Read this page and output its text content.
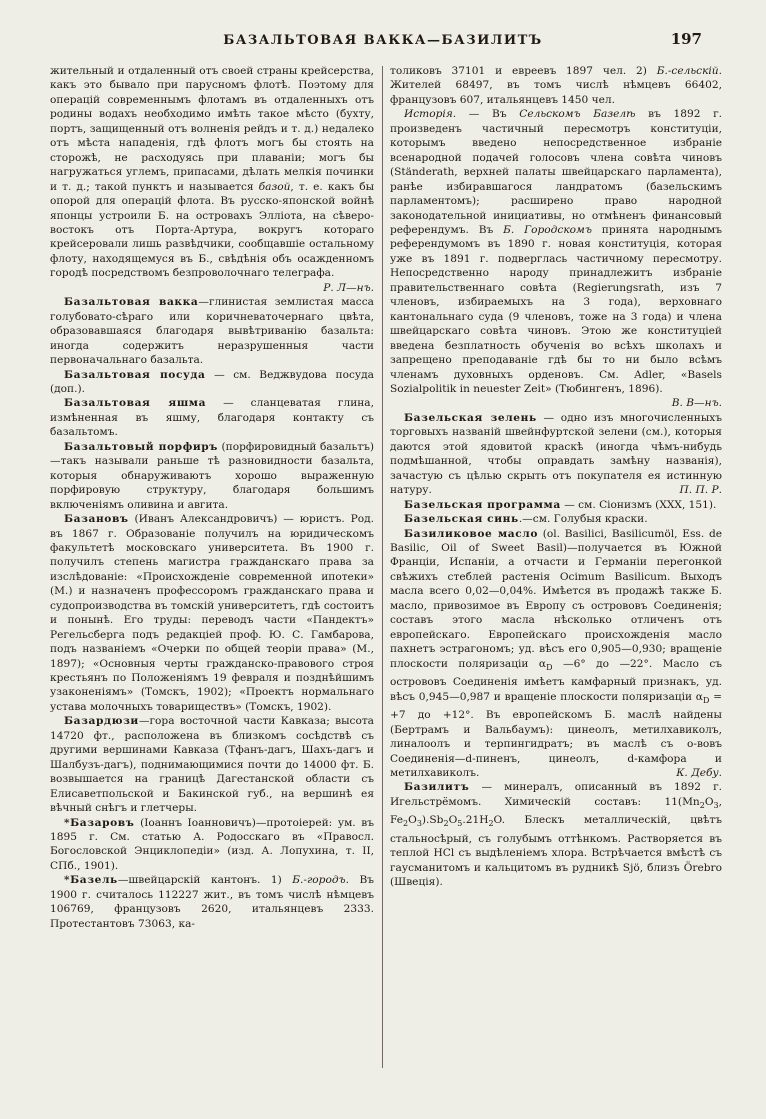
БАЗАЛЬТОВАЯ ВАККА—БАЗИЛИТЪ	197

жительный и отдаленный отъ своей страны крейсерства, какъ это бывало при парусномъ флотѣ. Поэтому для операцій современнымъ флотамъ въ отдаленныхъ отъ родины водахъ необходимо имѣть такое мѣсто (бухту, портъ, защищенный отъ волненія рейдъ и т. д.) недалеко отъ мѣста нападенія, гдѣ флотъ могъ бы стоять на сторожѣ, не расходуясь при плаваніи; могъ бы нагружаться углемъ, припасами, дѣлать мелкія починки и т. д.; такой пунктъ и называется базой, т. е. какъ бы опорой для операцій флота. Въ русско-японской войнѣ японцы устроили Б. на островахъ Эллiота, на сѣверо-востокъ отъ Порта-Артура, вокругъ котораго крейсеровали лишь развѣдчики, сообщавшіе остальному флоту, находящемуся въ Б., свѣдѣнія объ осажденномъ городѣ посредствомъ безпроволочнаго телеграфа.
Р. Л—нъ.

Базальтовая вакка—глинистая землистая масса голубовато-сѣраго или коричневаточернаго цвѣта, образовавшаяся благодаря вывѣтриванію базальта: иногда содержитъ неразрушенныя части первоначальнаго базальта.

Базальтовая посуда — см. Веджвудова посуда (доп.).

Базальтовая яшма — сланцеватая глина, измѣненная въ яшму, благодаря контакту съ базальтомъ.

Базальтовый порфиръ (порфировидный базальтъ)—такъ называли раньше тѣ разновидности базальта, которыя обнаруживаютъ хорошо выраженную порфировую структуру, благодаря большимъ включеніямъ оливина и авгита.

Базановъ (Иванъ Александровичъ) — юристъ. Род. въ 1867 г. Образованіе получилъ на юридическомъ факультетѣ московскаго университета. Въ 1900 г. получилъ степень магистра гражданскаго права за изслѣдованіе: «Происхожденіе современной ипотеки» (М.) и назначенъ профессоромъ гражданскаго права и судопроизводства въ томскій университетъ, гдѣ состоитъ и понынѣ. Его труды: переводъ части «Пандектъ» Регельсберга подъ редакціей проф. Ю. С. Гамбарова, подъ названіемъ «Очерки по общей теоріи права» (М., 1897); «Основныя черты гражданско-правового строя крестьянъ по Положеніямъ 19 февраля и позднѣйшимъ узаконеніямъ» (Томскъ, 1902); «Проектъ нормальнаго устава молочныхъ товариществъ» (Томскъ, 1902).

Базардюзи—гора восточной части Кавказа; высота 14720 фт., расположена въ близкомъ сосѣдствѣ съ другими вершинами Кавказа (Тфанъ-дагъ, Шахъ-дагъ и Шалбузъ-дагъ), поднимающимися почти до 14000 фт. Б. возвышается на границѣ Дагестанской области съ Елисаветпольской и Бакинской губ., на вершинѣ ея вѣчный снѣгъ и глетчеры.

*Базаровъ (Іоаннъ Іоанновичъ)—протоіерей: ум. въ 1895 г. См. статью А. Родосскаго въ «Правосл. Богословской Энциклопедіи» (изд. А. Лопухина, т. II, СПб., 1901).

*Базель—швейцарскій кантонъ. 1) Б.-городъ. Въ 1900 г. считалось 112227 жит., въ томъ числѣ нѣмцевъ 106769, французовъ 2620, итальянцевъ 2333. Протестантовъ 73063, ка-

толиковъ 37101 и евреевъ 1897 чел. 2) Б.-сельскій. Жителей 68497, въ томъ числѣ нѣмцевъ 66402, французовъ 607, итальянцевъ 1450 чел.

Исторія. — Въ Сельскомъ Базелѣ въ 1892 г. произведенъ частичный пересмотръ конституціи, которымъ введено непосредственное избраніе всенародной подачей голосовъ члена совѣта чиновъ (Ständerath, верхней палаты швейцарскаго парламента), ранѣе избиравшагося ландратомъ (базельскимъ парламентомъ); расширено право народной законодательной инициативы, но отмѣненъ финансовый референдумъ. Въ Б. Городскомъ принята народнымъ референдумомъ въ 1890 г. новая конституція, которая уже въ 1891 г. подверглась частичному пересмотру. Непосредственно народу принадлежитъ избраніе правительственнаго совѣта (Regierungsrath, изъ 7 членовъ, избираемыхъ на 3 года), верховнаго кантональнаго суда (9 членовъ, тоже на 3 года) и члена швейцарскаго совѣта чиновъ. Этою же конституціей введена безплатность обученія во всѣхъ школахъ и запрещено преподаваніе гдѣ бы то ни было всѣмъ членамъ духовныхъ орденовъ. См. Adler, «Basels Sozialpolitik in neuester Zeit» (Тюбингенъ, 1896).
В. В—нъ.

Базельская зелень — одно изъ многочисленныхъ торговыхъ названій швейнфуртской зелени (см.), которыя даются этой ядовитой краскѣ (иногда чѣмъ-нибудь подмѣшанной, чтобы оправдать замѣну названія), зачастую съ цѣлью скрыть отъ покупателя ея истинную натуру.	П. П. Р.

Базельская программа — см. Сіонизмъ (XXX, 151).

Базельская синь.—см. Голубыя краски.

Базиликовое масло (ol. Basilici, Basilicumöl, Ess. de Basilic, Oil of Sweet Basil)—получается въ Южной Франціи, Испаніи, а отчасти и Германіи перегонкой свѣжихъ стеблей растенія Ocimum Basilicum. Выходъ масла всего 0,02—0,04%. Имѣется въ продажѣ также Б. масло, привозимое въ Европу съ острововъ Соединенія; составъ этого масла нѣсколько отличенъ отъ европейскаго. Европейскаго происхожденія масло пахнетъ эстрагономъ; уд. вѣсъ его 0,905—0,930; вращеніе плоскости поляризаціи $\alpha_D$ —6° до —22°. Масло съ острововъ Соединенія имѣетъ камфарный признакъ, уд. вѣсъ 0,945—0,987 и вращеніе плоскости поляризаціи $\alpha_D = +7$ до +12°. Въ европейскомъ Б. маслѣ найдены (Бертрамъ и Вальбаумъ): цинеолъ, метилхавиколъ, линалоолъ и терпингидратъ; въ маслѣ съ о-вовъ Соединенія—d-пиненъ, цинеолъ, d-камфора и метилхавиколъ.	К. Дебу.

Базилитъ — минералъ, описанный въ 1892 г. Игельстрёмомъ. Химическій составъ: $11(Mn_2O_3$, $Fe_2O_3).Sb_2O_5.21H_2O$. Блескъ металлическій, цвѣтъ стальносѣрый, съ голубымъ оттѣнкомъ. Растворяется въ теплой HCl съ выдѣленіемъ хлора. Встрѣчается вмѣстѣ съ гаусманитомъ и кальцитомъ въ рудникѣ Sjö, близъ Örebro (Швеція).
